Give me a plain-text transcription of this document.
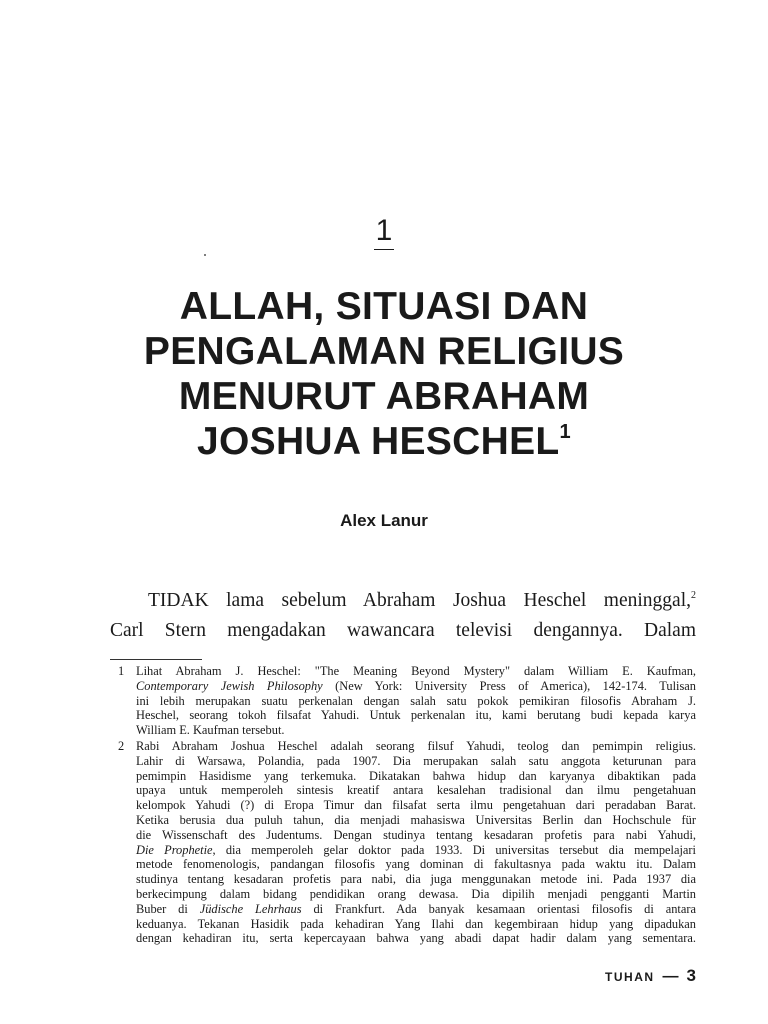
1
ALLAH, SITUASI DAN
PENGALAMAN RELIGIUS
MENURUT ABRAHAM
JOSHUA HESCHEL$^1$
Alex Lanur
TIDAK lama sebelum Abraham Joshua Heschel meninggal,$^2$
Carl Stern mengadakan wawancara televisi dengannya. Dalam
1 Lihat Abraham J. Heschel: "The Meaning Beyond Mystery" dalam William E. Kaufman,
Contemporary Jewish Philosophy (New York: University Press of America), 142-174. Tulisan
ini lebih merupakan suatu perkenalan dengan salah satu pokok pemikiran filosofis Abraham J.
Heschel, seorang tokoh filsafat Yahudi. Untuk perkenalan itu, kami berutang budi kepada karya
William E. Kaufman tersebut.
2 Rabi Abraham Joshua Heschel adalah seorang filsuf Yahudi, teolog dan pemimpin religius.
Lahir di Warsawa, Polandia, pada 1907. Dia merupakan salah satu anggota keturunan para
pemimpin Hasidisme yang terkemuka. Dikatakan bahwa hidup dan karyanya dibaktikan pada
upaya untuk memperoleh sintesis kreatif antara kesalehan tradisional dan ilmu pengetahuan
kelompok Yahudi (?) di Eropa Timur dan filsafat serta ilmu pengetahuan dari peradaban Barat.
Ketika berusia dua puluh tahun, dia menjadi mahasiswa Universitas Berlin dan Hochschule für
die Wissenschaft des Judentums. Dengan studinya tentang kesadaran profetis para nabi Yahudi,
Die Prophetie, dia memperoleh gelar doktor pada 1933. Di universitas tersebut dia mempelajari
metode fenomenologis, pandangan filosofis yang dominan di fakultasnya pada waktu itu. Dalam
studinya tentang kesadaran profetis para nabi, dia juga menggunakan metode ini. Pada 1937 dia
berkecimpung dalam bidang pendidikan orang dewasa. Dia dipilih menjadi pengganti Martin
Buber di Jüdische Lehrhaus di Frankfurt. Ada banyak kesamaan orientasi filosofis di antara
keduanya. Tekanan Hasidik pada kehadiran Yang Ilahi dan kegembiraan hidup yang dipadukan
dengan kehadiran itu, serta kepercayaan bahwa yang abadi dapat hadir dalam yang sementara.
TUHAN — 3
